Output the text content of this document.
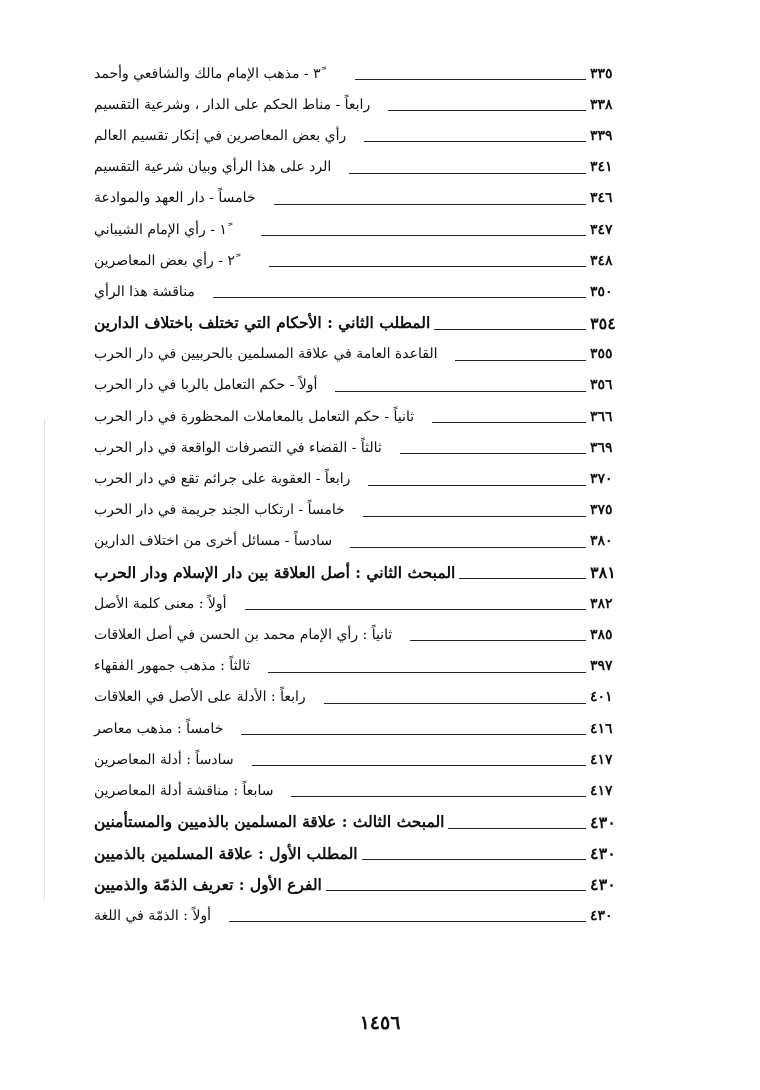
٣ً - مذهب الإمام مالك والشافعي وأحمد	٣٣٥
رابعاً - مناط الحكم على الدار ، وشرعية التقسيم	٣٣٨
رأي بعض المعاصرين في إنكار تقسيم العالم	٣٣٩
الرد على هذا الرأي وبيان شرعية التقسيم	٣٤١
خامساً - دار العهد والموادعة	٣٤٦
١ً - رأي الإمام الشيباني	٣٤٧
٢ً - رأي بعض المعاصرين	٣٤٨
مناقشة هذا الرأي	٣٥٠
المطلب الثاني : الأحكام التي تختلف باختلاف الدارين	٣٥٤
القاعدة العامة في علاقة المسلمين بالحربيين في دار الحرب	٣٥٥
أولاً - حكم التعامل بالربا في دار الحرب	٣٥٦
ثانياً - حكم التعامل بالمعاملات المحظورة في دار الحرب	٣٦٦
ثالثاً - القضاء في التصرفات الواقعة في دار الحرب	٣٦٩
رابعاً - العقوبة على جرائم تقع في دار الحرب	٣٧٠
خامساً - ارتكاب الجند جريمة في دار الحرب	٣٧٥
سادساً - مسائل أخرى من اختلاف الدارين	٣٨٠
المبحث الثاني : أصل العلاقة بين دار الإسلام ودار الحرب	٣٨١
أولاً : معنى كلمة الأصل	٣٨٢
ثانياً : رأي الإمام محمد بن الحسن في أصل العلاقات	٣٨٥
ثالثاً : مذهب جمهور الفقهاء	٣٩٧
رابعاً : الأدلة على الأصل في العلاقات	٤٠١
خامساً : مذهب معاصر	٤١٦
سادساً : أدلة المعاصرين	٤١٧
سابعاً : مناقشة أدلة المعاصرين	٤١٧
المبحث الثالث : علاقة المسلمين بالذميين والمستأمنين	٤٣٠
المطلب الأول : علاقة المسلمين بالذميين	٤٣٠
الفرع الأول : تعريف الذمّة والذميين	٤٣٠
أولاً : الذمّة في اللغة	٤٣٠
١٤٥٦
